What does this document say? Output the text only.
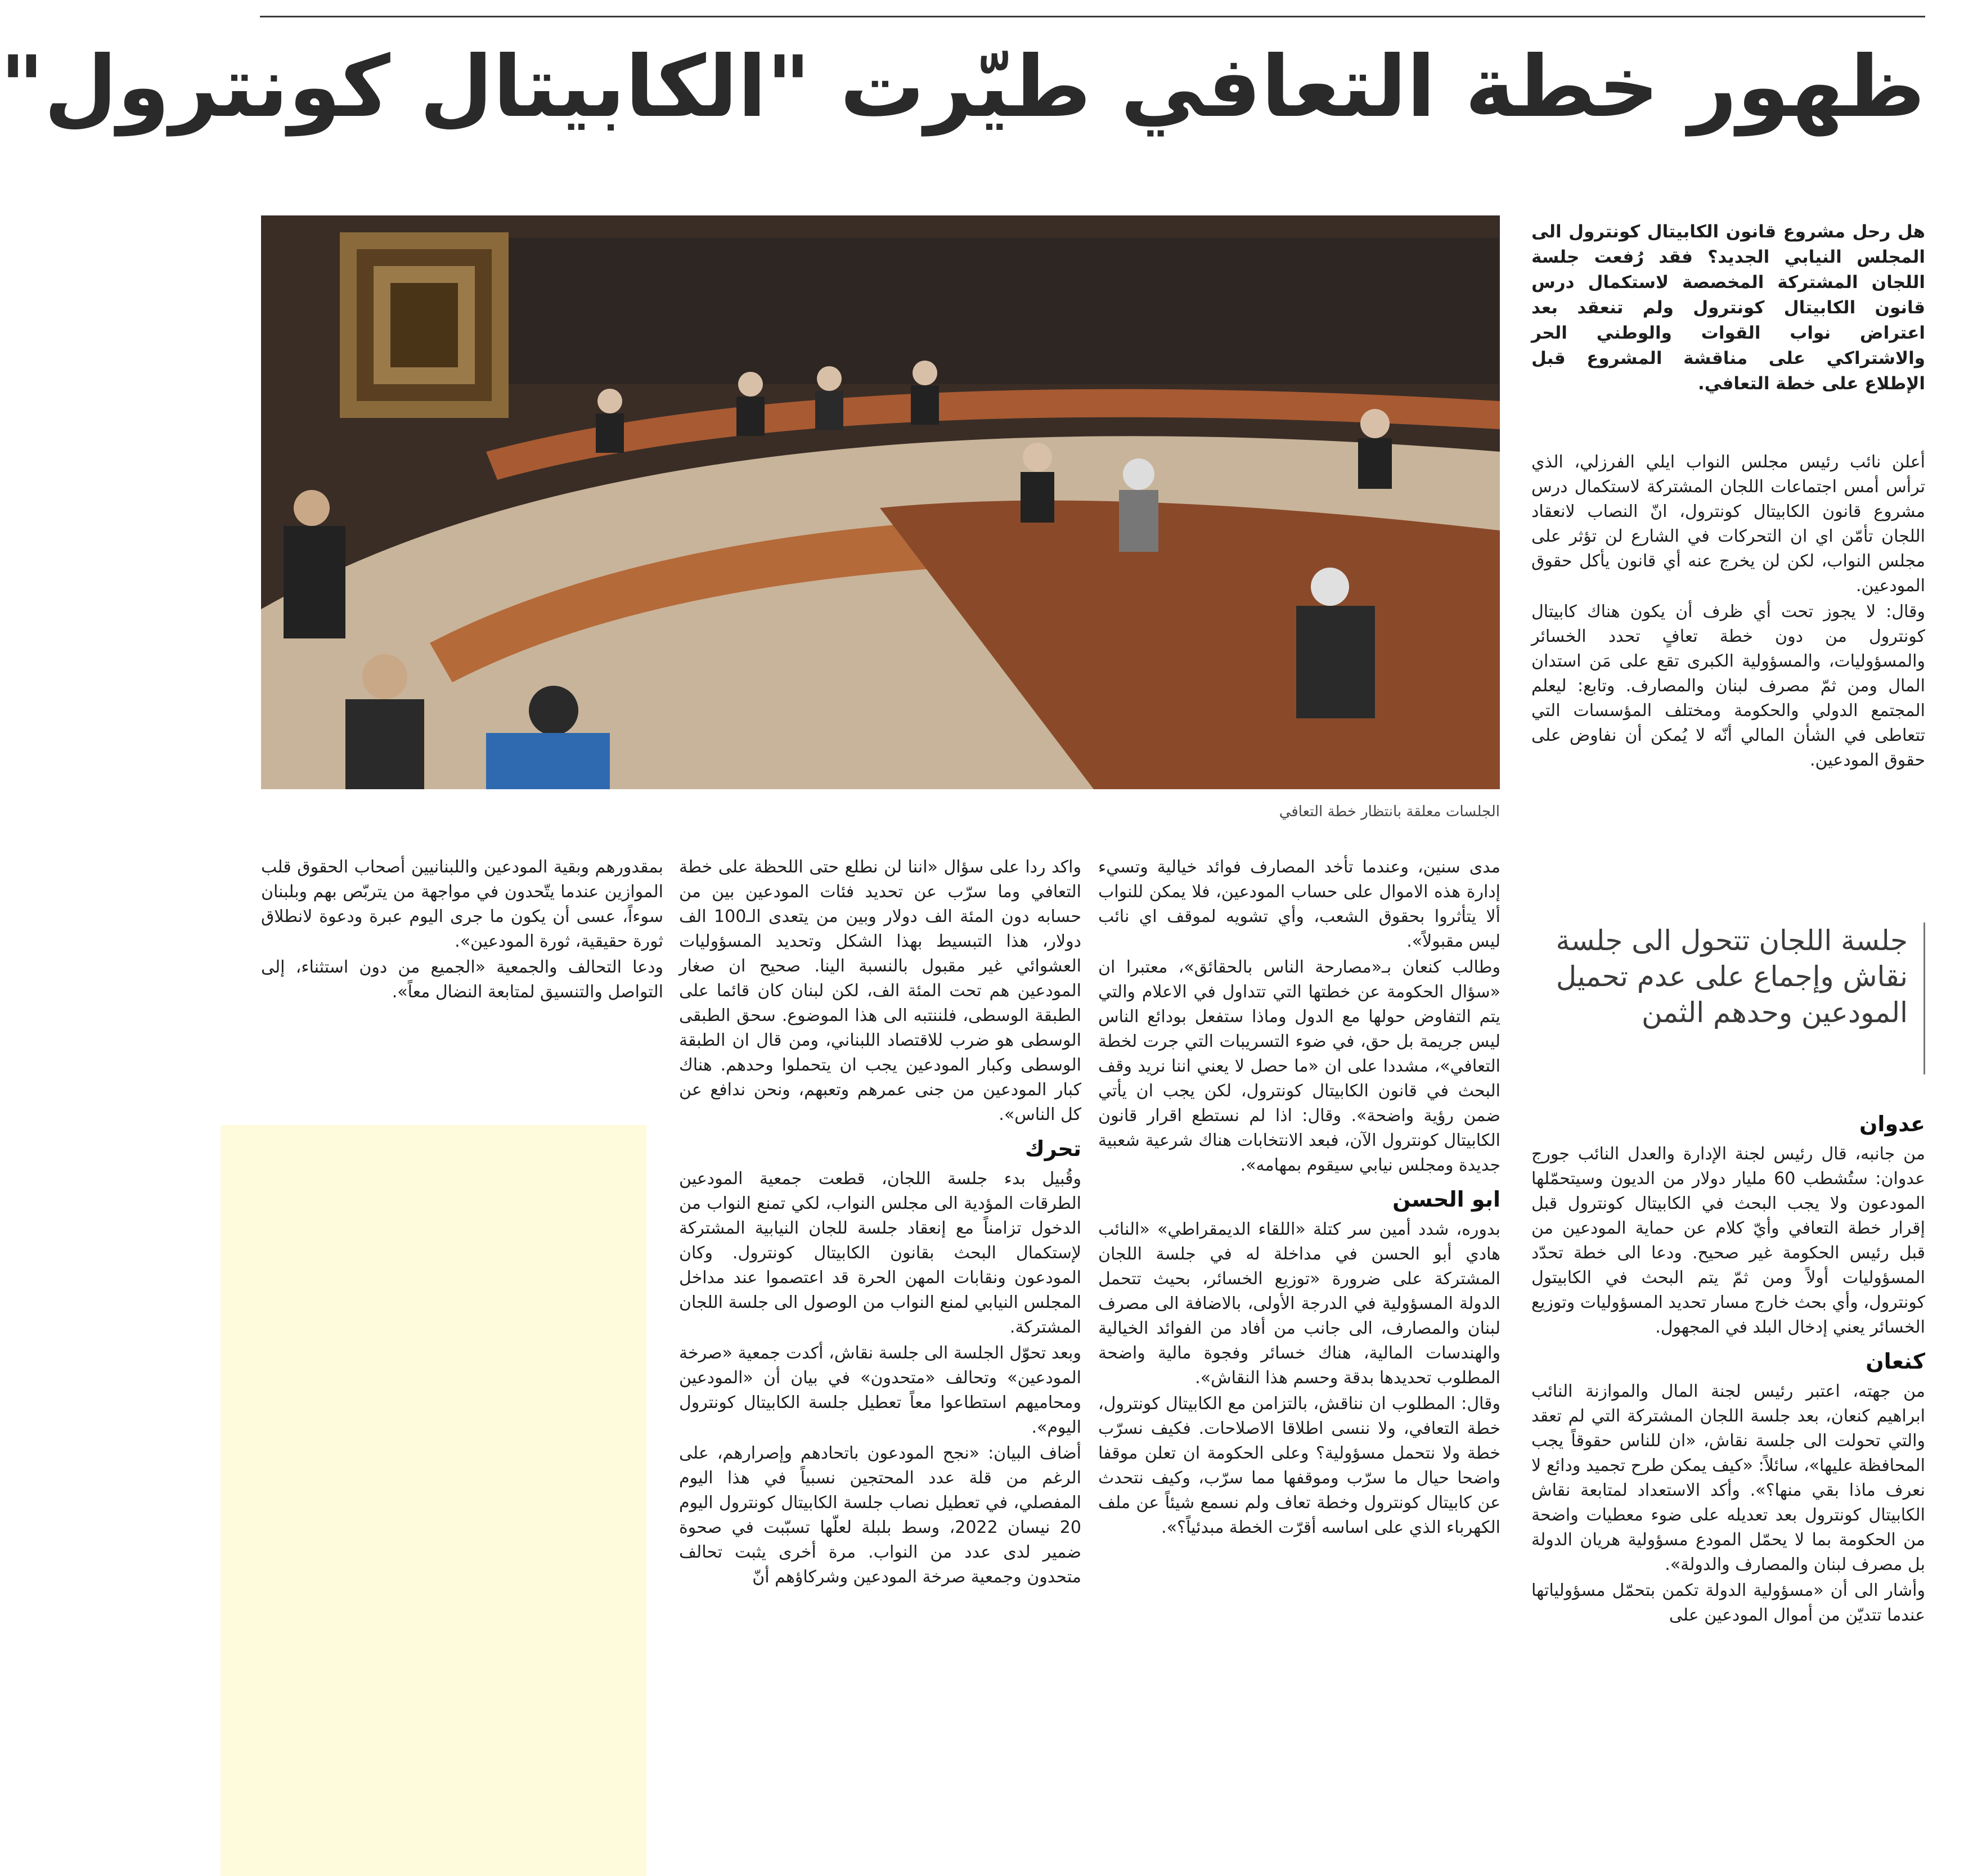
ظهور خطة التعافي طيّرت "الكابيتال كونترول"
الجلسات معلقة بانتظار خطة التعافي

هل رحل مشروع قانون الكابيتال كونترول الى المجلس النيابي الجديد؟ فقد رُفعت جلسة اللجان المشتركة المخصصة لاستكمال درس قانون الكابيتال كونترول ولم تنعقد بعد اعتراض نواب القوات والوطني الحر والاشتراكي على مناقشة المشروع قبل الإطلاع على خطة التعافي.

أعلن نائب رئيس مجلس النواب ايلي الفرزلي، الذي ترأس أمس اجتماعات اللجان المشتركة لاستكمال درس مشروع قانون الكابيتال كونترول، انّ النصاب لانعقاد اللجان تأمّن اي ان التحركات في الشارع لن تؤثر على مجلس النواب، لكن لن يخرج عنه أي قانون يأكل حقوق المودعين.

وقال: لا يجوز تحت أي ظرف أن يكون هناك كابيتال كونترول من دون خطة تعافٍ تحدد الخسائر والمسؤوليات، والمسؤولية الكبرى تقع على مَن استدان المال ومن ثمّ مصرف لبنان والمصارف. وتابع: ليعلم المجتمع الدولي والحكومة ومختلف المؤسسات التي تتعاطى في الشأن المالي أنّه لا يُمكن أن نفاوض على حقوق المودعين.

جلسة اللجان تتحول الى جلسة نقاش وإجماع على عدم تحميل المودعين وحدهم الثمن
عدوان

من جانبه، قال رئيس لجنة الإدارة والعدل النائب جورج عدوان: ستُشطب 60 مليار دولار من الديون وسيتحمّلها المودعون ولا يجب البحث في الكابيتال كونترول قبل إقرار خطة التعافي وأيّ كلام عن حماية المودعين من قبل رئيس الحكومة غير صحيح. ودعا الى خطة تحدّد المسؤوليات أولاً ومن ثمّ يتم البحث في الكابيتول كونترول، وأي بحث خارج مسار تحديد المسؤوليات وتوزيع الخسائر يعني إدخال البلد في المجهول.

كنعان

من جهته، اعتبر رئيس لجنة المال والموازنة النائب ابراهيم كنعان، بعد جلسة اللجان المشتركة التي لم تعقد والتي تحولت الى جلسة نقاش، «ان للناس حقوقاً يجب المحافظة عليها»، سائلاً: «كيف يمكن طرح تجميد ودائع لا نعرف ماذا بقي منها؟». وأكد الاستعداد لمتابعة نقاش الكابيتال كونترول بعد تعديله على ضوء معطيات واضحة من الحكومة بما لا يحمّل المودع مسؤولية هريان الدولة بل مصرف لبنان والمصارف والدولة».

وأشار الى أن «مسؤولية الدولة تكمن بتحمّل مسؤولياتها عندما تتديّن من أموال المودعين على

مدى سنين، وعندما تأخد المصارف فوائد خيالية وتسيء إدارة هذه الاموال على حساب المودعين، فلا يمكن للنواب ألا يتأثروا بحقوق الشعب، وأي تشويه لموقف اي نائب ليس مقبولاً».

وطالب كنعان بـ«مصارحة الناس بالحقائق»، معتبرا ان «سؤال الحكومة عن خطتها التي تتداول في الاعلام والتي يتم التفاوض حولها مع الدول وماذا ستفعل بودائع الناس ليس جريمة بل حق، في ضوء التسريبات التي جرت لخطة التعافي»، مشددا على ان «ما حصل لا يعني اننا نريد وقف البحث في قانون الكابيتال كونترول، لكن يجب ان يأتي ضمن رؤية واضحة». وقال: اذا لم نستطع اقرار قانون الكابيتال كونترول الآن، فبعد الانتخابات هناك شرعية شعبية جديدة ومجلس نيابي سيقوم بمهامه».

ابو الحسن

بدوره، شدد أمين سر كتلة «اللقاء الديمقراطي» «النائب هادي أبو الحسن في مداخلة له في جلسة اللجان المشتركة على ضرورة «توزيع الخسائر، بحيث تتحمل الدولة المسؤولية في الدرجة الأولى، بالاضافة الى مصرف لبنان والمصارف، الى جانب من أفاد من الفوائد الخيالية والهندسات المالية، هناك خسائر وفجوة مالية واضحة المطلوب تحديدها بدقة وحسم هذا النقاش».

وقال: المطلوب ان نناقش، بالتزامن مع الكابيتال كونترول، خطة التعافي، ولا ننسى اطلاقا الاصلاحات. فكيف نسرّب خطة ولا نتحمل مسؤولية؟ وعلى الحكومة ان تعلن موقفا واضحا حيال ما سرّب وموقفها مما سرّب، وكيف نتحدث عن كابيتال كونترول وخطة تعاف ولم نسمع شيئاً عن ملف الكهرباء الذي على اساسه أقرّت الخطة مبدئياً؟».

واكد ردا على سؤال «اننا لن نطلع حتى اللحظة على خطة التعافي وما سرّب عن تحديد فئات المودعين بين من حسابه دون المئة الف دولار وبين من يتعدى الـ100 الف دولار، هذا التبسيط بهذا الشكل وتحديد المسؤوليات العشوائي غير مقبول بالنسبة الينا. صحيح ان صغار المودعين هم تحت المئة الف، لكن لبنان كان قائما على الطبقة الوسطى، فلننتبه الى هذا الموضوع. سحق الطبقى الوسطى هو ضرب للاقتصاد اللبناني، ومن قال ان الطبقة الوسطى وكبار المودعين يجب ان يتحملوا وحدهم. هناك كبار المودعين من جنى عمرهم وتعبهم، ونحن ندافع عن كل الناس».

تحرك

وقُبيل بدء جلسة اللجان، قطعت جمعية المودعين الطرقات المؤدية الى مجلس النواب، لكي تمنع النواب من الدخول تزامناً مع إنعقاد جلسة للجان النيابية المشتركة لإستكمال البحث بقانون الكابيتال كونترول. وكان المودعون ونقابات المهن الحرة قد اعتصموا عند مداخل المجلس النيابي لمنع النواب من الوصول الى جلسة اللجان المشتركة.

وبعد تحوّل الجلسة الى جلسة نقاش، أكدت جمعية «صرخة المودعين» وتحالف «متحدون» في بيان أن «المودعين ومحاميهم استطاعوا معاً تعطيل جلسة الكابيتال كونترول اليوم».

أضاف البيان: «نجح المودعون باتحادهم وإصرارهم، على الرغم من قلة عدد المحتجين نسبياً في هذا اليوم المفصلي، في تعطيل نصاب جلسة الكابيتال كونترول اليوم 20 نيسان 2022، وسط بلبلة لعلّها تسبّبت في صحوة ضمير لدى عدد من النواب. مرة أخرى يثبت تحالف متحدون وجمعية صرخة المودعين وشركاؤهم أنّ

بمقدورهم وبقية المودعين واللبنانيين أصحاب الحقوق قلب الموازين عندما يتّحدون في مواجهة من يتربّص بهم وبلبنان سوءاً، عسى أن يكون ما جرى اليوم عبرة ودعوة لانطلاق ثورة حقيقية، ثورة المودعين».

ودعا التحالف والجمعية «الجميع من دون استثناء، إلى التواصل والتنسيق لمتابعة النضال معاً».
